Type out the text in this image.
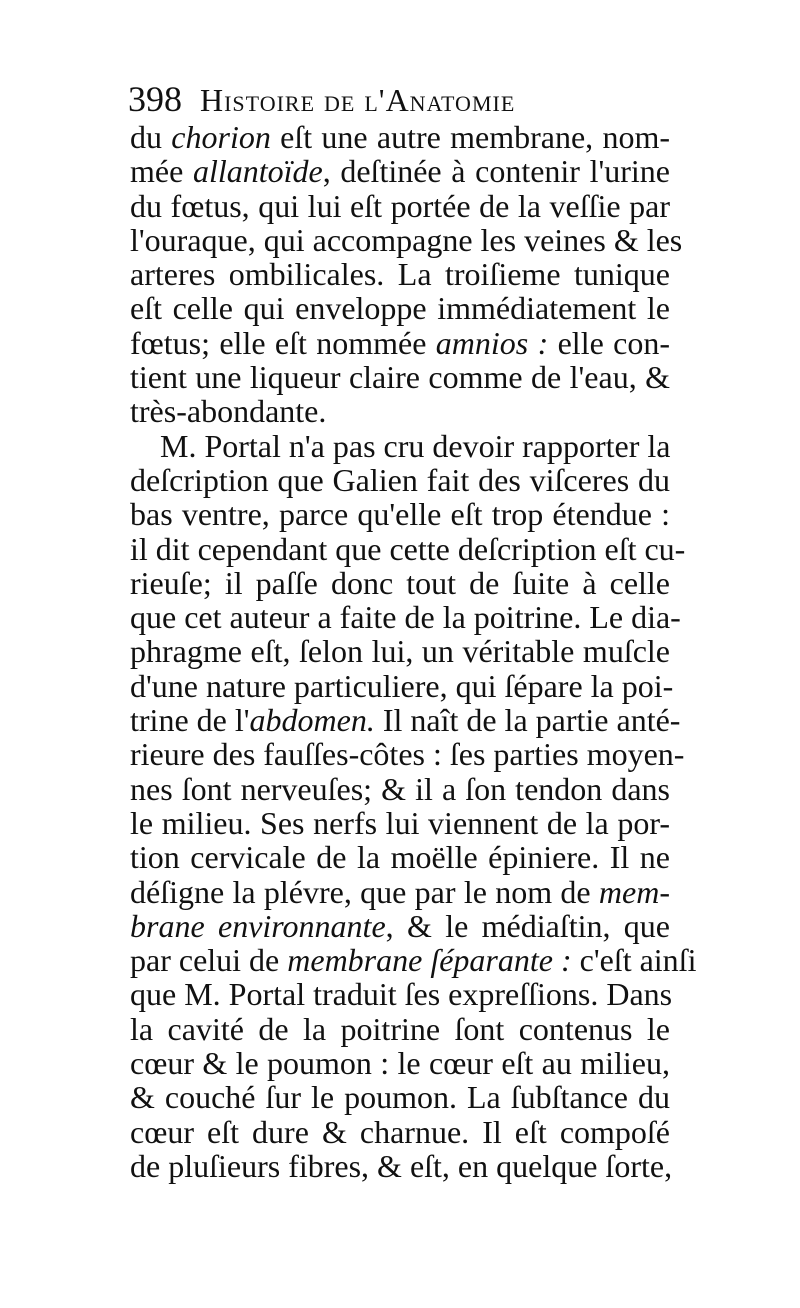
398 Histoire de l'Anatomie
du chorion eſt une autre membrane, nom-
mée allantoïde, deſtinée à contenir l'urine
du fœtus, qui lui eſt portée de la veſſie par
l'ouraque, qui accompagne les veines & les
arteres ombilicales. La troiſieme tunique
eſt celle qui enveloppe immédiatement le
fœtus; elle eſt nommée amnios : elle con-
tient une liqueur claire comme de l'eau, &
très-abondante.
M. Portal n'a pas cru devoir rapporter la
deſcription que Galien fait des viſceres du
bas ventre, parce qu'elle eſt trop étendue :
il dit cependant que cette deſcription eſt cu-
rieuſe; il paſſe donc tout de ſuite à celle
que cet auteur a faite de la poitrine. Le dia-
phragme eſt, ſelon lui, un véritable muſcle
d'une nature particuliere, qui ſépare la poi-
trine de l'abdomen. Il naît de la partie anté-
rieure des fauſſes-côtes : ſes parties moyen-
nes ſont nerveuſes; & il a ſon tendon dans
le milieu. Ses nerfs lui viennent de la por-
tion cervicale de la moëlle épiniere. Il ne
déſigne la plévre, que par le nom de mem-
brane environnante, & le médiaſtin, que
par celui de membrane ſéparante : c'eſt ainſi
que M. Portal traduit ſes expreſſions. Dans
la cavité de la poitrine ſont contenus le
cœur & le poumon : le cœur eſt au milieu,
& couché ſur le poumon. La ſubſtance du
cœur eſt dure & charnue. Il eſt compoſé
de pluſieurs fibres, & eſt, en quelque ſorte,
